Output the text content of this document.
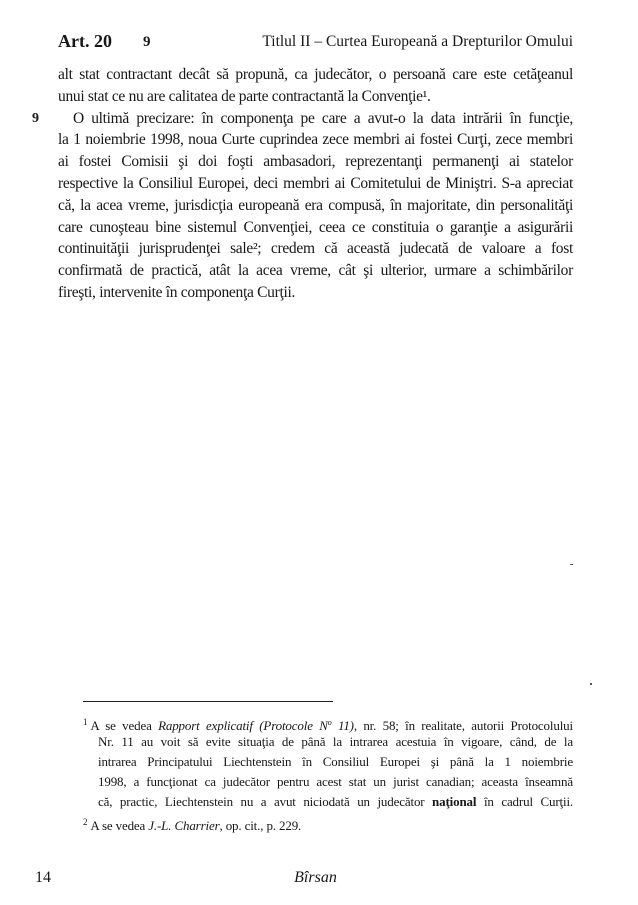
Art. 20 9	Titlul II – Curtea Europeană a Drepturilor Omului
alt stat contractant decât să propună, ca judecător, o persoană care este cetăţeanul
unui stat ce nu are calitatea de parte contractantă la Convenţie¹.
O ultimă precizare: în componenţa pe care a avut-o la data intrării în funcţie,
la 1 noiembrie 1998, noua Curte cuprindea zece membri ai fostei Curţi, zece membri
ai fostei Comisii şi doi foşti ambasadori, reprezentanţi permanenţi ai statelor
respective la Consiliul Europei, deci membri ai Comitetului de Miniştri. S-a apreciat
că, la acea vreme, jurisdicţia europeană era compusă, în majoritate, din personalităţi
care cunoşteau bine sistemul Convenţiei, ceea ce constituia o garanţie a asigurării
continuităţii jurisprudenţei sale²; credem că această judecată de valoare a fost
confirmată de practică, atât la acea vreme, cât şi ulterior, urmare a schimbărilor
fireşti, intervenite în componenţa Curţii.
9
$^1$ A se vedea Rapport explicatif (Protocole $N^o$ 11), nr. 58; în realitate, autorii Protocolului
Nr. 11 au voit să evite situaţia de până la intrarea acestuia în vigoare, când, de la
intrarea Principatului Liechtenstein în Consiliul Europei şi până la 1 noiembrie
1998, a funcţionat ca judecător pentru acest stat un jurist canadian; aceasta înseamnă
că, practic, Liechtenstein nu a avut niciodată un judecător naţional în cadrul Curţii.
$^2$ A se vedea J.-L. Charrier, op. cit., p. 229.
14	Bîrsan
